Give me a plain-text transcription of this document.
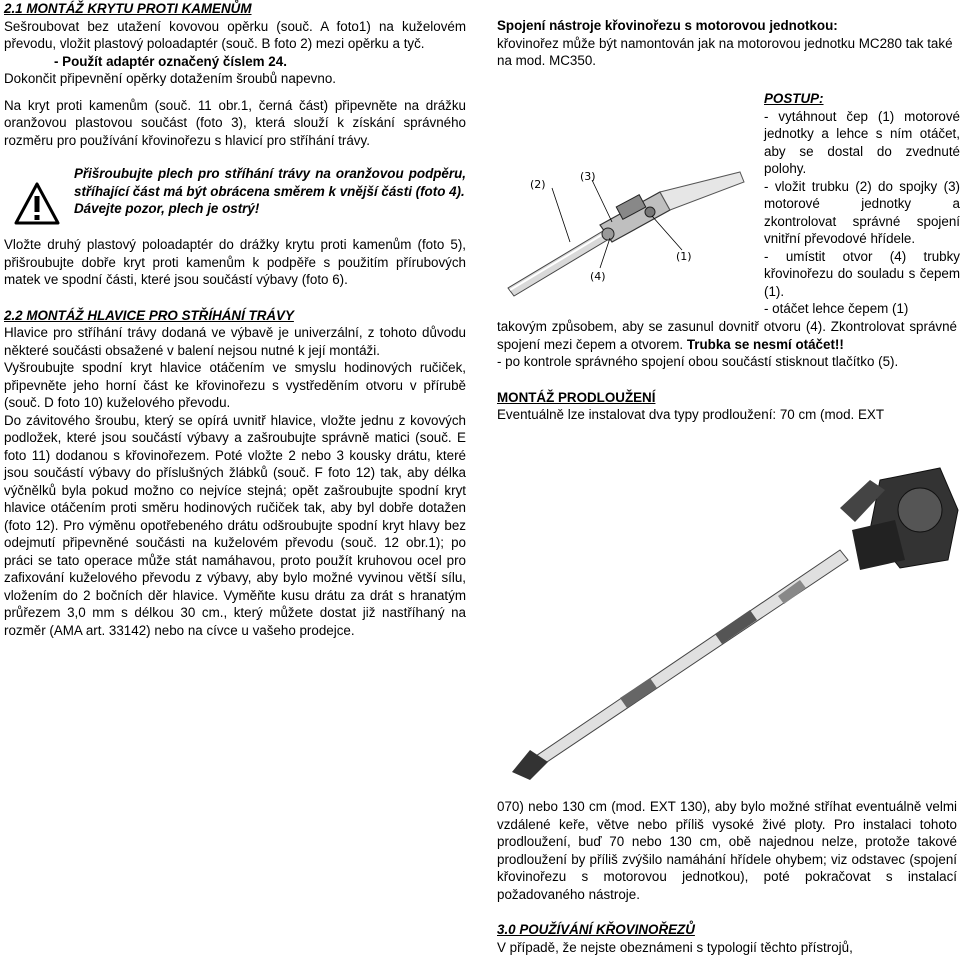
2.1 MONTÁŽ KRYTU PROTI KAMENŮM

Sešroubovat bez utažení kovovou opěrku (souč. A foto1) na kuželovém převodu, vložit plastový poloadaptér (souč. B foto 2) mezi opěrku a tyč.

- Použít adaptér označený číslem 24.

Dokončit připevnění opěrky dotažením šroubů napevno.

Na kryt proti kamenům (souč. 11 obr.1, černá část) připevněte na drážku oranžovou plastovou součást (foto 3), která slouží k získání správného rozměru pro používání křovinořezu s hlavicí pro stříhání trávy.

Přišroubujte plech pro stříhání trávy na oranžovou podpěru, stříhající část má být obrácena směrem k vnější části (foto 4).

Dávejte pozor, plech je ostrý!

Vložte druhý plastový poloadaptér do drážky krytu proti kamenům (foto 5), přišroubujte dobře kryt proti kamenům k podpěře s použitím přírubových matek ve spodní části, které jsou součástí výbavy (foto 6).

2.2 MONTÁŽ HLAVICE PRO STŘÍHÁNÍ TRÁVY

Hlavice pro stříhání trávy dodaná ve výbavě je univerzální, z tohoto důvodu některé součásti obsažené v balení nejsou nutné k její montáži.

Vyšroubujte spodní kryt hlavice otáčením ve smyslu hodinových ručiček, připevněte jeho horní část ke křovinořezu s vystředěním otvoru v přírubě (souč. D foto 10) kuželového převodu.

Do závitového šroubu, který se opírá uvnitř hlavice, vložte jednu z kovových podložek, které jsou součástí výbavy a zašroubujte správně matici (souč. E foto 11) dodanou s křovinořezem. Poté vložte 2 nebo 3 kousky drátu, které jsou součástí výbavy do příslušných žlábků (souč. F foto 12) tak, aby délka výčnělků byla pokud možno co nejvíce stejná; opět zašroubujte spodní kryt hlavice otáčením proti směru hodinových ručiček tak, aby byl dobře dotažen (foto 12). Pro výměnu opotřebeného drátu odšroubujte spodní kryt hlavy bez odejmutí připevněné součásti na kuželovém převodu (souč. 12 obr.1); po práci se tato operace může stát namáhavou, proto použít kruhovou ocel pro zafixování kuželového převodu z výbavy, aby bylo možné vyvinou větší sílu, vložením do 2 bočních děr hlavice. Vyměňte kusu drátu za drát s hranatým průřezem 3,0 mm s délkou 30 cm., který můžete dostat již nastříhaný na rozměr (AMA art. 33142) nebo na cívce u vašeho prodejce.

Spojení nástroje křovinořezu s motorovou jednotkou:

křovinořez může být namontován jak na motorovou jednotku MC280 tak také na mod. MC350.

POSTUP:

- vytáhnout čep (1) motorové jednotky a lehce s ním otáčet, aby se dostal do zvednuté polohy.

- vložit trubku (2) do spojky (3) motorové jednotky a zkontrolovat správné spojení vnitřní převodové hřídele.

- umístit otvor (4) trubky křovinořezu do souladu s čepem (1).

- otáčet lehce čepem (1)

(2)
(3)
(1)
(4)

takovým způsobem, aby se zasunul dovnitř otvoru (4). Zkontrolovat správné spojení mezi čepem a otvorem. Trubka se nesmí otáčet!!

- po kontrole správného spojení obou součástí stisknout tlačítko (5).

MONTÁŽ PRODLOUŽENÍ

Eventuálně lze instalovat dva typy prodloužení: 70 cm (mod. EXT

070) nebo 130 cm (mod. EXT 130), aby bylo možné stříhat eventuálně velmi vzdálené keře, větve nebo příliš vysoké živé ploty. Pro instalaci tohoto prodloužení, buď 70 nebo 130 cm, obě najednou nelze, protože takové prodloužení by příliš zvýšilo namáhání hřídele ohybem; viz odstavec (spojení křovinořezu s motorovou jednotkou), poté pokračovat s instalací požadovaného nástroje.

3.0 POUŽÍVÁNÍ KŘOVINOŘEZŮ

V případě, že nejste obeznámeni s typologií těchto přístrojů,
